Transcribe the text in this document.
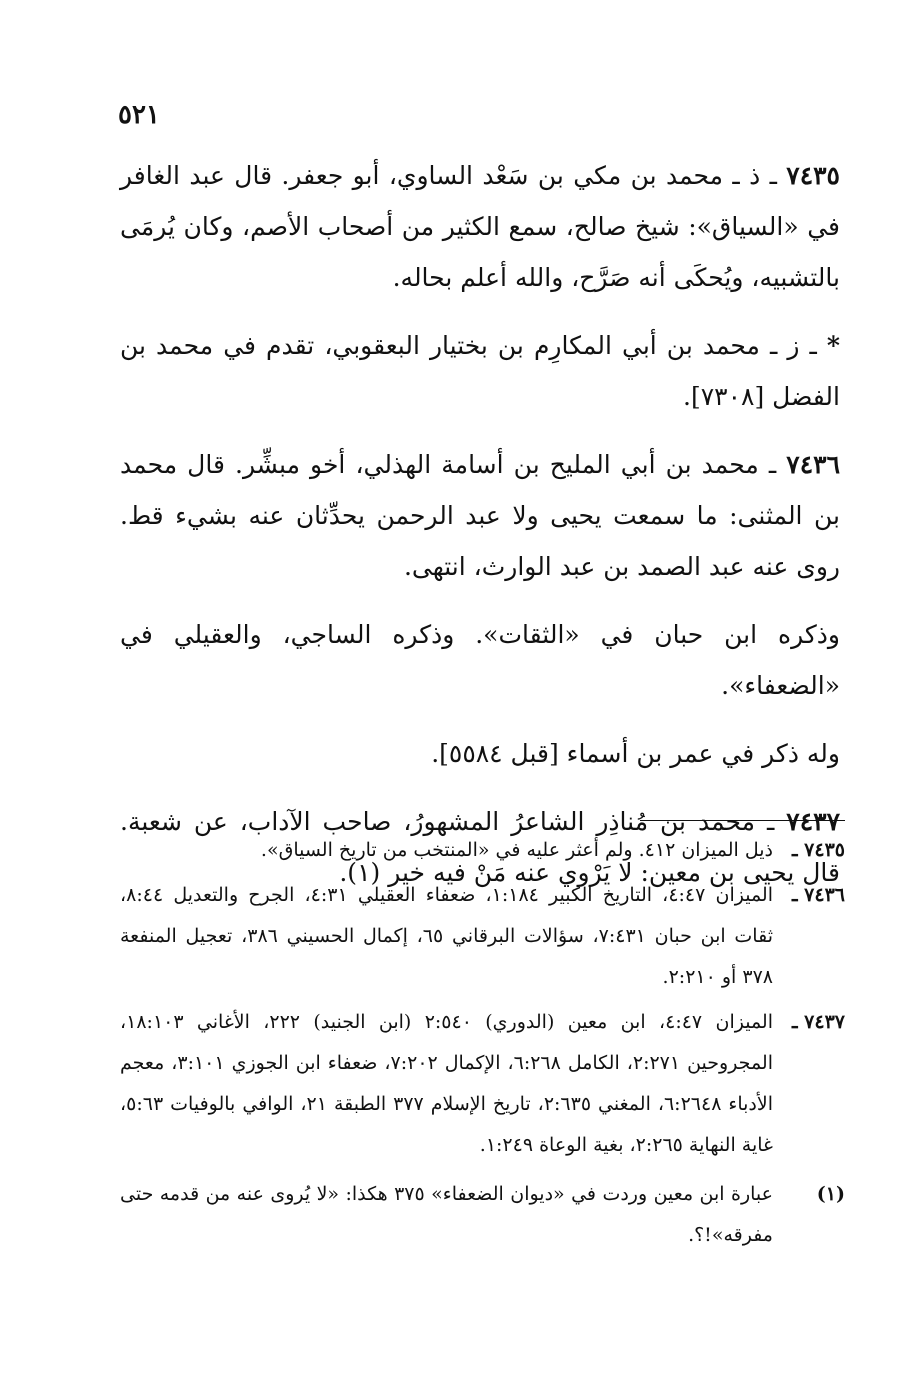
٥٢١

٧٤٣٥ ـ ذ ـ محمد بن مكي بن سَعْد الساوي، أبو جعفر. قال عبد الغافر في «السياق»: شيخ صالح، سمع الكثير من أصحاب الأصم، وكان يُرمَى بالتشبيه، ويُحكَى أنه صَرَّح، والله أعلم بحاله.

* ـ ز ـ محمد بن أبي المكارِم بن بختيار البعقوبي، تقدم في محمد بن الفضل [٧٣٠٨].

٧٤٣٦ ـ محمد بن أبي المليح بن أسامة الهذلي، أخو مبشِّر. قال محمد بن المثنى: ما سمعت يحيى ولا عبد الرحمن يحدِّثان عنه بشيء قط. روى عنه عبد الصمد بن عبد الوارث، انتهى.

وذكره ابن حبان في «الثقات». وذكره الساجي، والعقيلي في «الضعفاء».

وله ذكر في عمر بن أسماء [قبل ٥٥٨٤].

٧٤٣٧ ـ محمد بن مُناذِر الشاعرُ المشهورُ، صاحب الآداب، عن شعبة. قال يحيى بن معين: لا يَرْوي عنه مَنْ فيه خير (١).

٧٤٣٥ ـ
ذيل الميزان ٤١٢. ولم أعثر عليه في «المنتخب من تاريخ السياق».
٧٤٣٦ ـ
الميزان ٤:٤٧، التاريخ الكبير ١:١٨٤، ضعفاء العقيلي ٤:٣١، الجرح والتعديل ٨:٤٤، ثقات ابن حبان ٧:٤٣١، سؤالات البرقاني ٦٥، إكمال الحسيني ٣٨٦، تعجيل المنفعة ٣٧٨ أو ٢:٢١٠.
٧٤٣٧ ـ
الميزان ٤:٤٧، ابن معين (الدوري) ٢:٥٤٠ (ابن الجنيد) ٢٢٢، الأغاني ١٨:١٠٣، المجروحين ٢:٢٧١، الكامل ٦:٢٦٨، الإكمال ٧:٢٠٢، ضعفاء ابن الجوزي ٣:١٠١، معجم الأدباء ٦:٢٦٤٨، المغني ٢:٦٣٥، تاريخ الإسلام ٣٧٧ الطبقة ٢١، الوافي بالوفيات ٥:٦٣، غاية النهاية ٢:٢٦٥، بغية الوعاة ١:٢٤٩.
(١)
عبارة ابن معين وردت في «ديوان الضعفاء» ٣٧٥ هكذا: «لا يُروى عنه من قدمه حتى مفرقه»!؟.
